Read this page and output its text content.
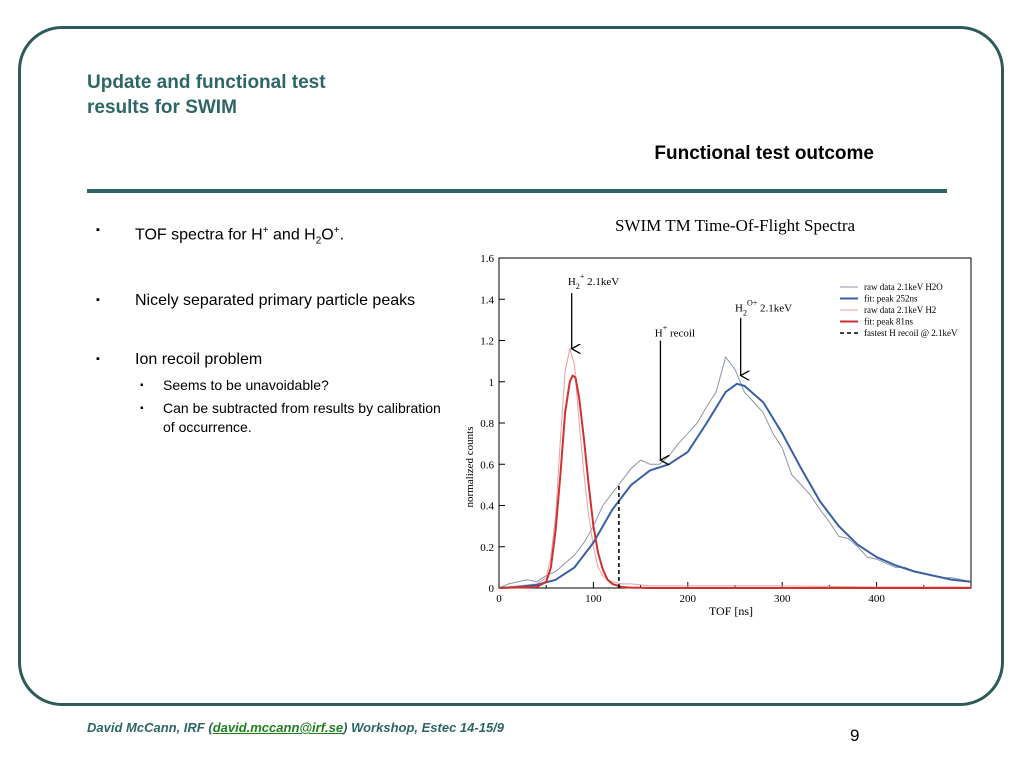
Update and functional test
results for SWIM
Functional test outcome
▪ TOF spectra for H+ and $H_2O^+$.
▪ Nicely separated primary particle peaks
▪ Ion recoil problem
▪ Seems to be unavoidable?
▪ Can be subtracted from results by calibration of occurrence.
SWIM TM Time-Of-Flight Spectra
0	100	200	300	400
0
0.2
0.4
0.6
0.8
1
1.2
1.4
1.6
$H_2^+$ 2.1keV
H+ recoil
$H_2^{O+}$ 2.1keV
raw data 2.1keV H2O
fit: peak 252ns
raw data 2.1keV H2
fit: peak 81ns
fastest H recoil @ 2.1keV
normalized counts
TOF [ns]
David McCann, IRF (david.mccann@irf.se) Workshop, Estec 14-15/9	9
